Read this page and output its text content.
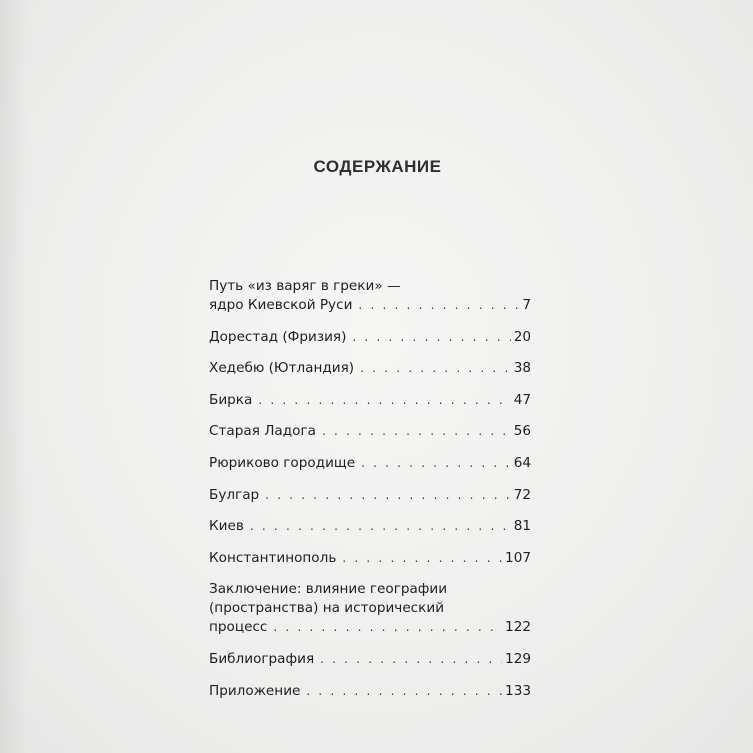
СОДЕРЖАНИЕ
Путь «из варяг в греки» —
ядро Киевской Руси . . .	7
Дорестад (Фризия) . . .	20
Хедебю (Ютландия) . . .	38
Бирка . . .	47
Старая Ладога . . .	56
Рюриково городище . . .	64
Булгар . . .	72
Киев . . .	81
Константинополь . . .	107
Заключение: влияние географии
(пространства) на исторический
процесс . . .	122
Библиография . . .	129
Приложение . . .	133
